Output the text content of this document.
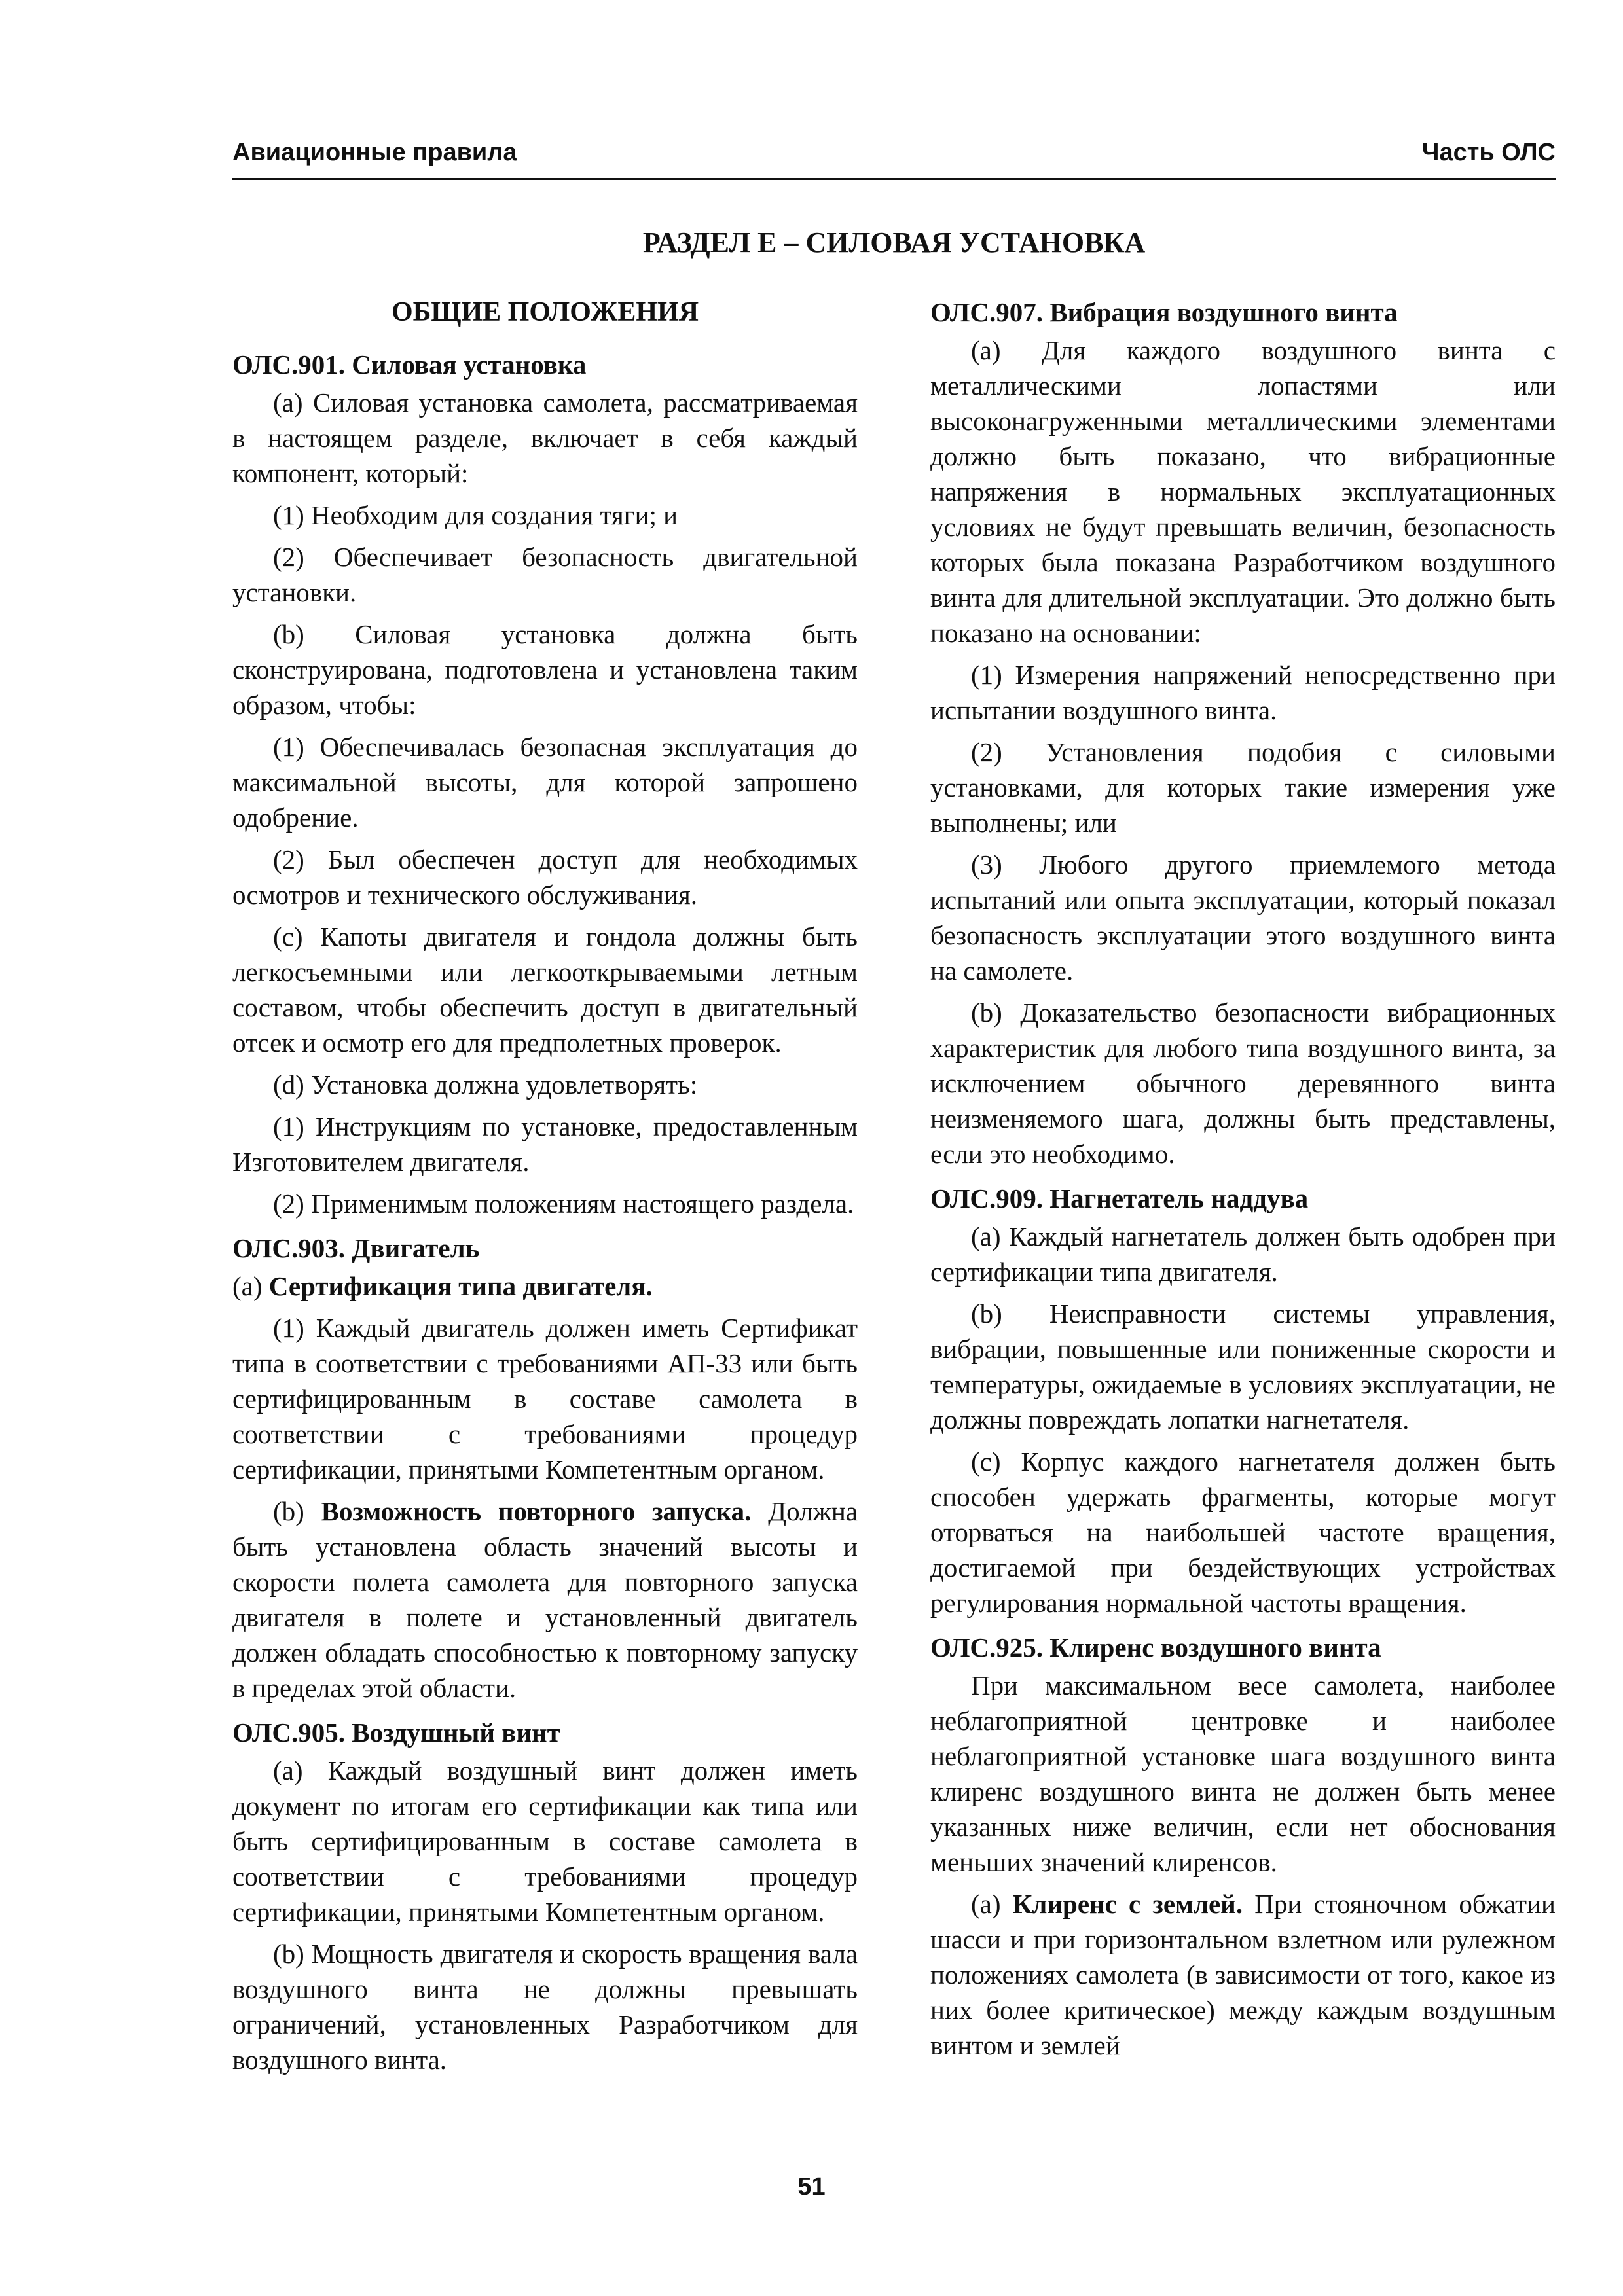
Авиационные правила	Часть ОЛС
РАЗДЕЛ E – СИЛОВАЯ УСТАНОВКА
ОБЩИЕ ПОЛОЖЕНИЯ
ОЛС.901. Силовая установка

(a) Силовая установка самолета, рассматриваемая в настоящем разделе, включает в себя каждый компонент, который:

(1) Необходим для создания тяги; и

(2) Обеспечивает безопасность двигательной установки.

(b) Силовая установка должна быть сконструирована, подготовлена и установлена таким образом, чтобы:

(1) Обеспечивалась безопасная эксплуатация до максимальной высоты, для которой запрошено одобрение.

(2) Был обеспечен доступ для необходимых осмотров и технического обслуживания.

(c) Капоты двигателя и гондола должны быть легкосъемными или легкооткрываемыми летным составом, чтобы обеспечить доступ в двигательный отсек и осмотр его для предполетных проверок.

(d) Установка должна удовлетворять:

(1) Инструкциям по установке, предоставленным Изготовителем двигателя.

(2) Применимым положениям настоящего раздела.

ОЛС.903. Двигатель

(a) Сертификация типа двигателя.

(1) Каждый двигатель должен иметь Сертификат типа в соответствии с требованиями АП-33 или быть сертифицированным в составе самолета в соответствии с требованиями процедур сертификации, принятыми Компетентным органом.

(b) Возможность повторного запуска. Должна быть установлена область значений высоты и скорости полета самолета для повторного запуска двигателя в полете и установленный двигатель должен обладать способностью к повторному запуску в пределах этой области.

ОЛС.905. Воздушный винт

(a) Каждый воздушный винт должен иметь документ по итогам его сертификации как типа или быть сертифицированным в составе самолета в соответствии с требованиями процедур сертификации, принятыми Компетентным органом.

(b) Мощность двигателя и скорость вращения вала воздушного винта не должны превышать ограничений, установленных Разработчиком для воздушного винта.

ОЛС.907. Вибрация воздушного винта

(a) Для каждого воздушного винта с металлическими лопастями или высоконагруженными металлическими элементами должно быть показано, что вибрационные напряжения в нормальных эксплуатационных условиях не будут превышать величин, безопасность которых была показана Разработчиком воздушного винта для длительной эксплуатации. Это должно быть показано на основании:

(1) Измерения напряжений непосредственно при испытании воздушного винта.

(2) Установления подобия с силовыми установками, для которых такие измерения уже выполнены; или

(3) Любого другого приемлемого метода испытаний или опыта эксплуатации, который показал безопасность эксплуатации этого воздушного винта на самолете.

(b) Доказательство безопасности вибрационных характеристик для любого типа воздушного винта, за исключением обычного деревянного винта неизменяемого шага, должны быть представлены, если это необходимо.

ОЛС.909. Нагнетатель наддува

(a) Каждый нагнетатель должен быть одобрен при сертификации типа двигателя.

(b) Неисправности системы управления, вибрации, повышенные или пониженные скорости и температуры, ожидаемые в условиях эксплуатации, не должны повреждать лопатки нагнетателя.

(c) Корпус каждого нагнетателя должен быть способен удержать фрагменты, которые могут оторваться на наибольшей частоте вращения, достигаемой при бездействующих устройствах регулирования нормальной частоты вращения.

ОЛС.925. Клиренс воздушного винта

При максимальном весе самолета, наиболее неблагоприятной центровке и наиболее неблагоприятной установке шага воздушного винта клиренс воздушного винта не должен быть менее указанных ниже величин, если нет обоснования меньших значений клиренсов.

(a) Клиренс с землей. При стояночном обжатии шасси и при горизонтальном взлетном или рулежном положениях самолета (в зависимости от того, какое из них более критическое) между каждым воздушным винтом и землей

51
